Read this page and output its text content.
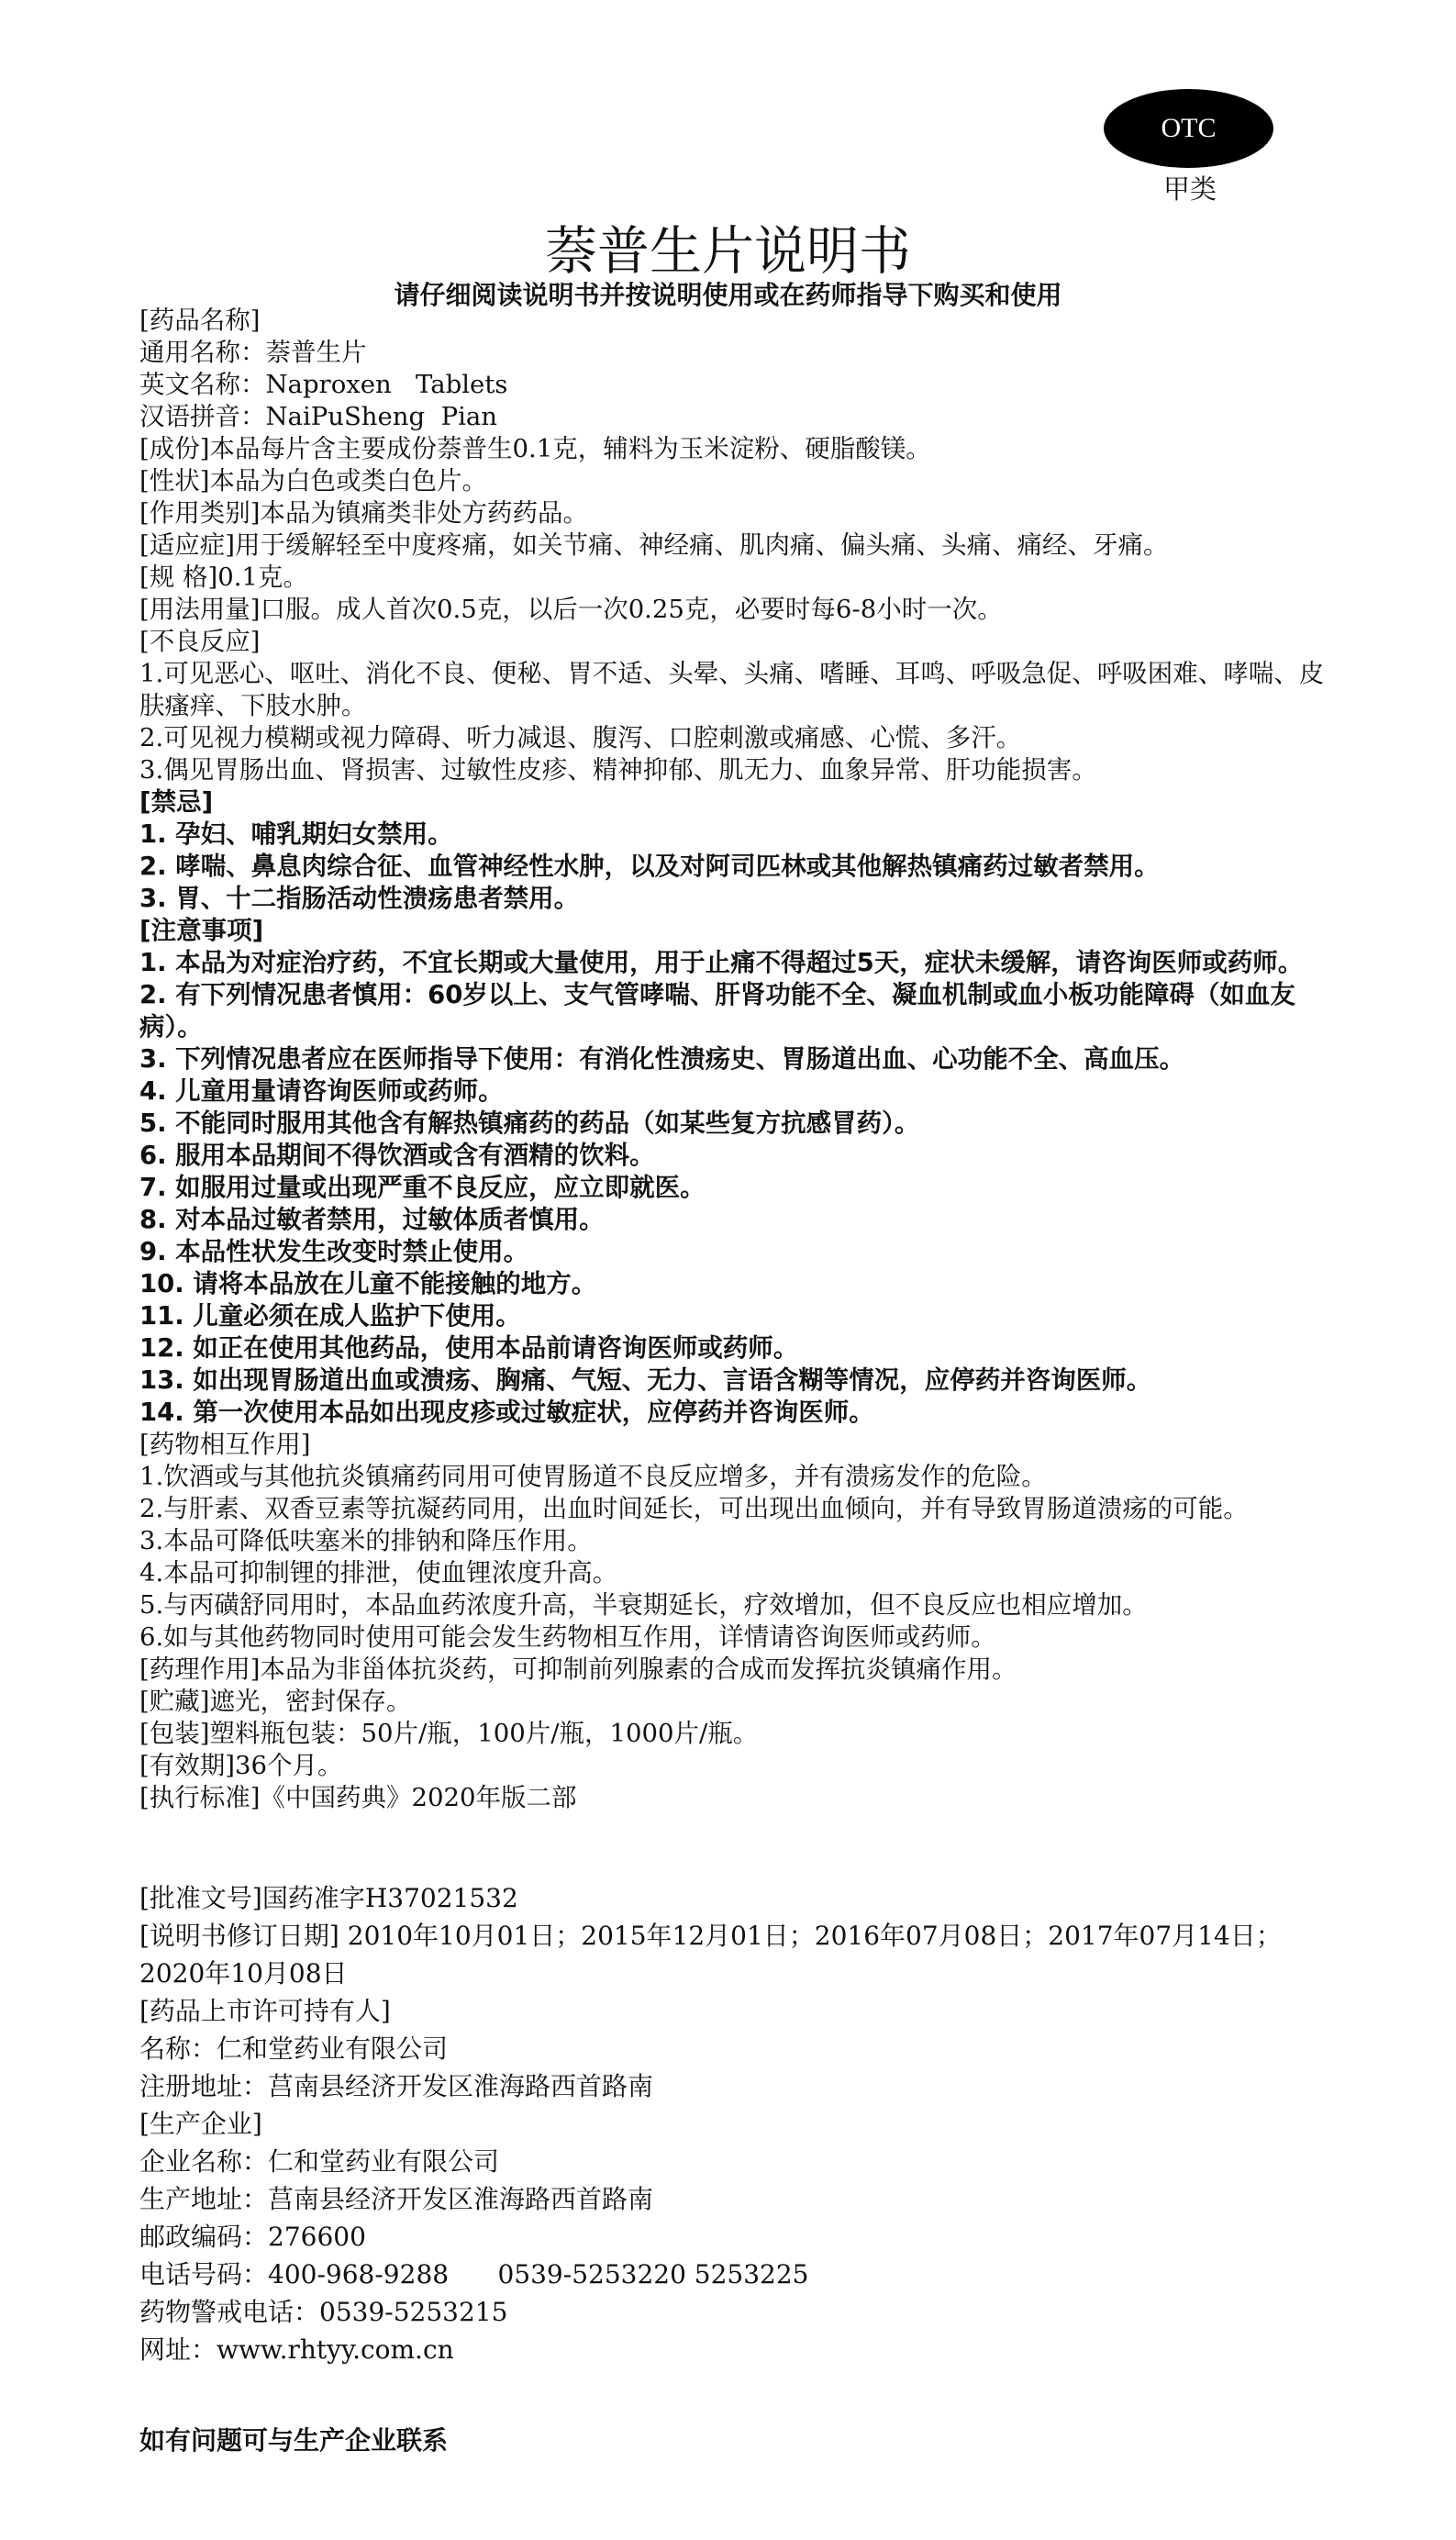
OTC
甲类
萘普生片说明书
请仔细阅读说明书并按说明使用或在药师指导下购买和使用
[药品名称]
通用名称：萘普生片
英文名称：Naproxen   Tablets
汉语拼音：NaiPuSheng  Pian
[成份]本品每片含主要成份萘普生0.1克，辅料为玉米淀粉、硬脂酸镁。
[性状]本品为白色或类白色片。
[作用类别]本品为镇痛类非处方药药品。
[适应症]用于缓解轻至中度疼痛，如关节痛、神经痛、肌肉痛、偏头痛、头痛、痛经、牙痛。
[规 格]0.1克。
[用法用量]口服。成人首次0.5克，以后一次0.25克，必要时每6-8小时一次。
[不良反应]
1.可见恶心、呕吐、消化不良、便秘、胃不适、头晕、头痛、嗜睡、耳鸣、呼吸急促、呼吸困难、哮喘、皮肤瘙痒、下肢水肿。
2.可见视力模糊或视力障碍、听力减退、腹泻、口腔刺激或痛感、心慌、多汗。
3.偶见胃肠出血、肾损害、过敏性皮疹、精神抑郁、肌无力、血象异常、肝功能损害。
[禁忌]
1. 孕妇、哺乳期妇女禁用。
2. 哮喘、鼻息肉综合征、血管神经性水肿，以及对阿司匹林或其他解热镇痛药过敏者禁用。
3. 胃、十二指肠活动性溃疡患者禁用。
[注意事项]
1. 本品为对症治疗药，不宜长期或大量使用，用于止痛不得超过5天，症状未缓解，请咨询医师或药师。
2. 有下列情况患者慎用：60岁以上、支气管哮喘、肝肾功能不全、凝血机制或血小板功能障碍（如血友病）。
3. 下列情况患者应在医师指导下使用：有消化性溃疡史、胃肠道出血、心功能不全、高血压。
4. 儿童用量请咨询医师或药师。
5. 不能同时服用其他含有解热镇痛药的药品（如某些复方抗感冒药）。
6. 服用本品期间不得饮酒或含有酒精的饮料。
7. 如服用过量或出现严重不良反应，应立即就医。
8. 对本品过敏者禁用，过敏体质者慎用。
9. 本品性状发生改变时禁止使用。
10. 请将本品放在儿童不能接触的地方。
11. 儿童必须在成人监护下使用。
12. 如正在使用其他药品，使用本品前请咨询医师或药师。
13. 如出现胃肠道出血或溃疡、胸痛、气短、无力、言语含糊等情况，应停药并咨询医师。
14. 第一次使用本品如出现皮疹或过敏症状，应停药并咨询医师。
[药物相互作用]
1.饮酒或与其他抗炎镇痛药同用可使胃肠道不良反应增多，并有溃疡发作的危险。
2.与肝素、双香豆素等抗凝药同用，出血时间延长，可出现出血倾向，并有导致胃肠道溃疡的可能。
3.本品可降低呋塞米的排钠和降压作用。
4.本品可抑制锂的排泄，使血锂浓度升高。
5.与丙磺舒同用时，本品血药浓度升高，半衰期延长，疗效增加，但不良反应也相应增加。
6.如与其他药物同时使用可能会发生药物相互作用，详情请咨询医师或药师。
[药理作用]本品为非甾体抗炎药，可抑制前列腺素的合成而发挥抗炎镇痛作用。
[贮藏]遮光，密封保存。
[包装]塑料瓶包装：50片/瓶，100片/瓶，1000片/瓶。
[有效期]36个月。
[执行标准]《中国药典》2020年版二部
[批准文号]国药准字H37021532
[说明书修订日期] 2010年10月01日；2015年12月01日；2016年07月08日；2017年07月14日；
2020年10月08日
[药品上市许可持有人]
名称：仁和堂药业有限公司
注册地址：莒南县经济开发区淮海路西首路南
[生产企业]
企业名称：仁和堂药业有限公司
生产地址：莒南县经济开发区淮海路西首路南
邮政编码：276600
电话号码：400-968-9288      0539-5253220 5253225
药物警戒电话：0539-5253215
网址：www.rhtyy.com.cn
如有问题可与生产企业联系
